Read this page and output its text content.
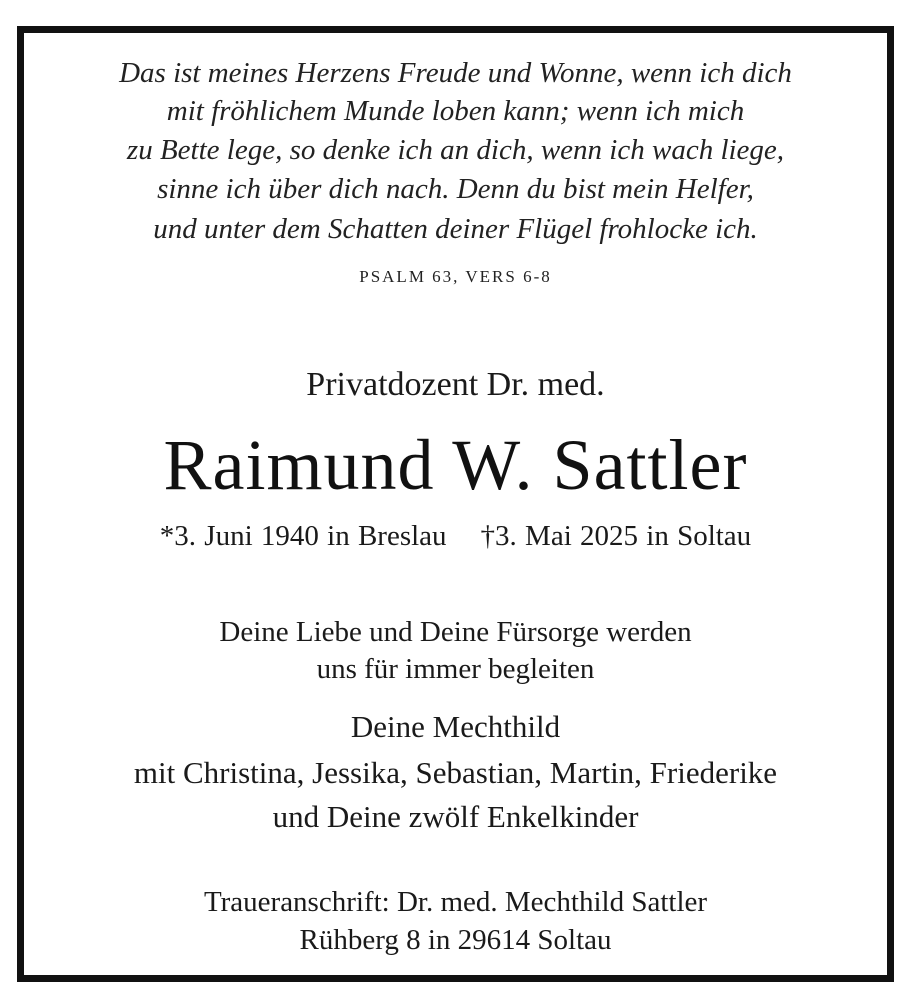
Das ist meines Herzens Freude und Wonne, wenn ich dich
mit fröhlichem Munde loben kann; wenn ich mich
zu Bette lege, so denke ich an dich, wenn ich wach liege,
sinne ich über dich nach. Denn du bist mein Helfer,
und unter dem Schatten deiner Flügel frohlocke ich.
PSALM 63, VERS 6-8
Privatdozent Dr. med.
Raimund W. Sattler
*3. Juni 1940 in Breslau †3. Mai 2025 in Soltau
Deine Liebe und Deine Fürsorge werden
uns für immer begleiten
Deine Mechthild
mit Christina, Jessika, Sebastian, Martin, Friederike
und Deine zwölf Enkelkinder
Traueranschrift: Dr. med. Mechthild Sattler
Rühberg 8 in 29614 Soltau
